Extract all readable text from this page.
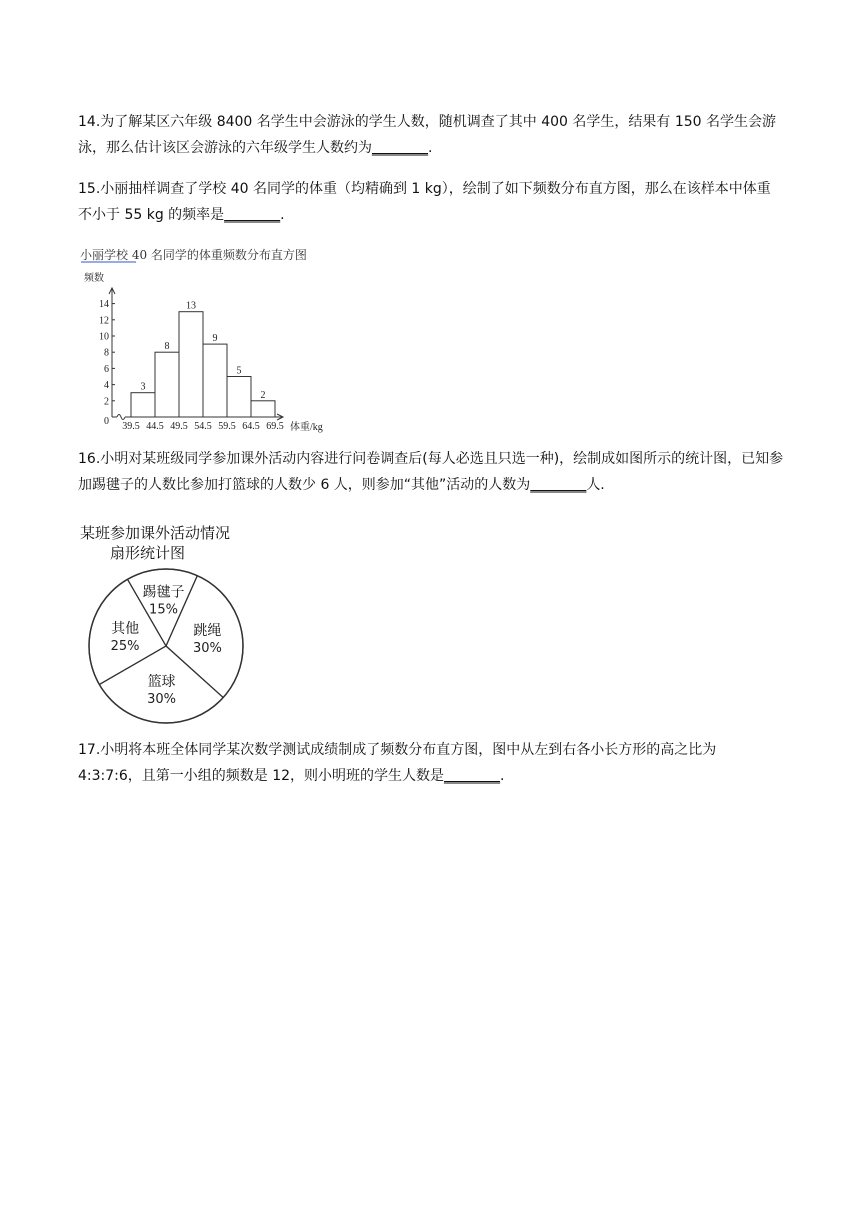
14.为了解某区六年级 8400 名学生中会游泳的学生人数，随机调查了其中 400 名学生，结果有 150 名学生会游泳，那么估计该区会游泳的六年级学生人数约为________.

15.小丽抽样调查了学校 40 名同学的体重（均精确到 1 kg），绘制了如下频数分布直方图，那么在该样本中体重不小于 55 kg 的频率是________.

小丽学校 40 名同学的体重频数分布直方图
频数
体重/kg
0
2
4
6
8
10
12
14
3
8
13
9
5
2
39.5 44.5 49.5 54.5 59.5 64.5 69.5

16.小明对某班级同学参加课外活动内容进行问卷调查后(每人必选且只选一种)，绘制成如图所示的统计图，已知参加踢毽子的人数比参加打篮球的人数少 6 人，则参加“其他”活动的人数为________人.

某班参加课外活动情况
扇形统计图
踢毽子
15%
跳绳
30%
篮球
30%
其他
25%

17.小明将本班全体同学某次数学测试成绩制成了频数分布直方图，图中从左到右各小长方形的高之比为 4:3:7:6，且第一小组的频数是 12，则小明班的学生人数是________.
